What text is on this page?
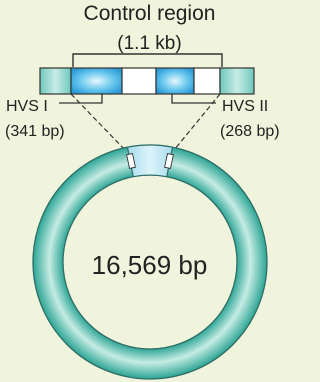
Control region
(1.1 kb)
HVS I
(341 bp)
HVS II
(268 bp)
16,569 bp
